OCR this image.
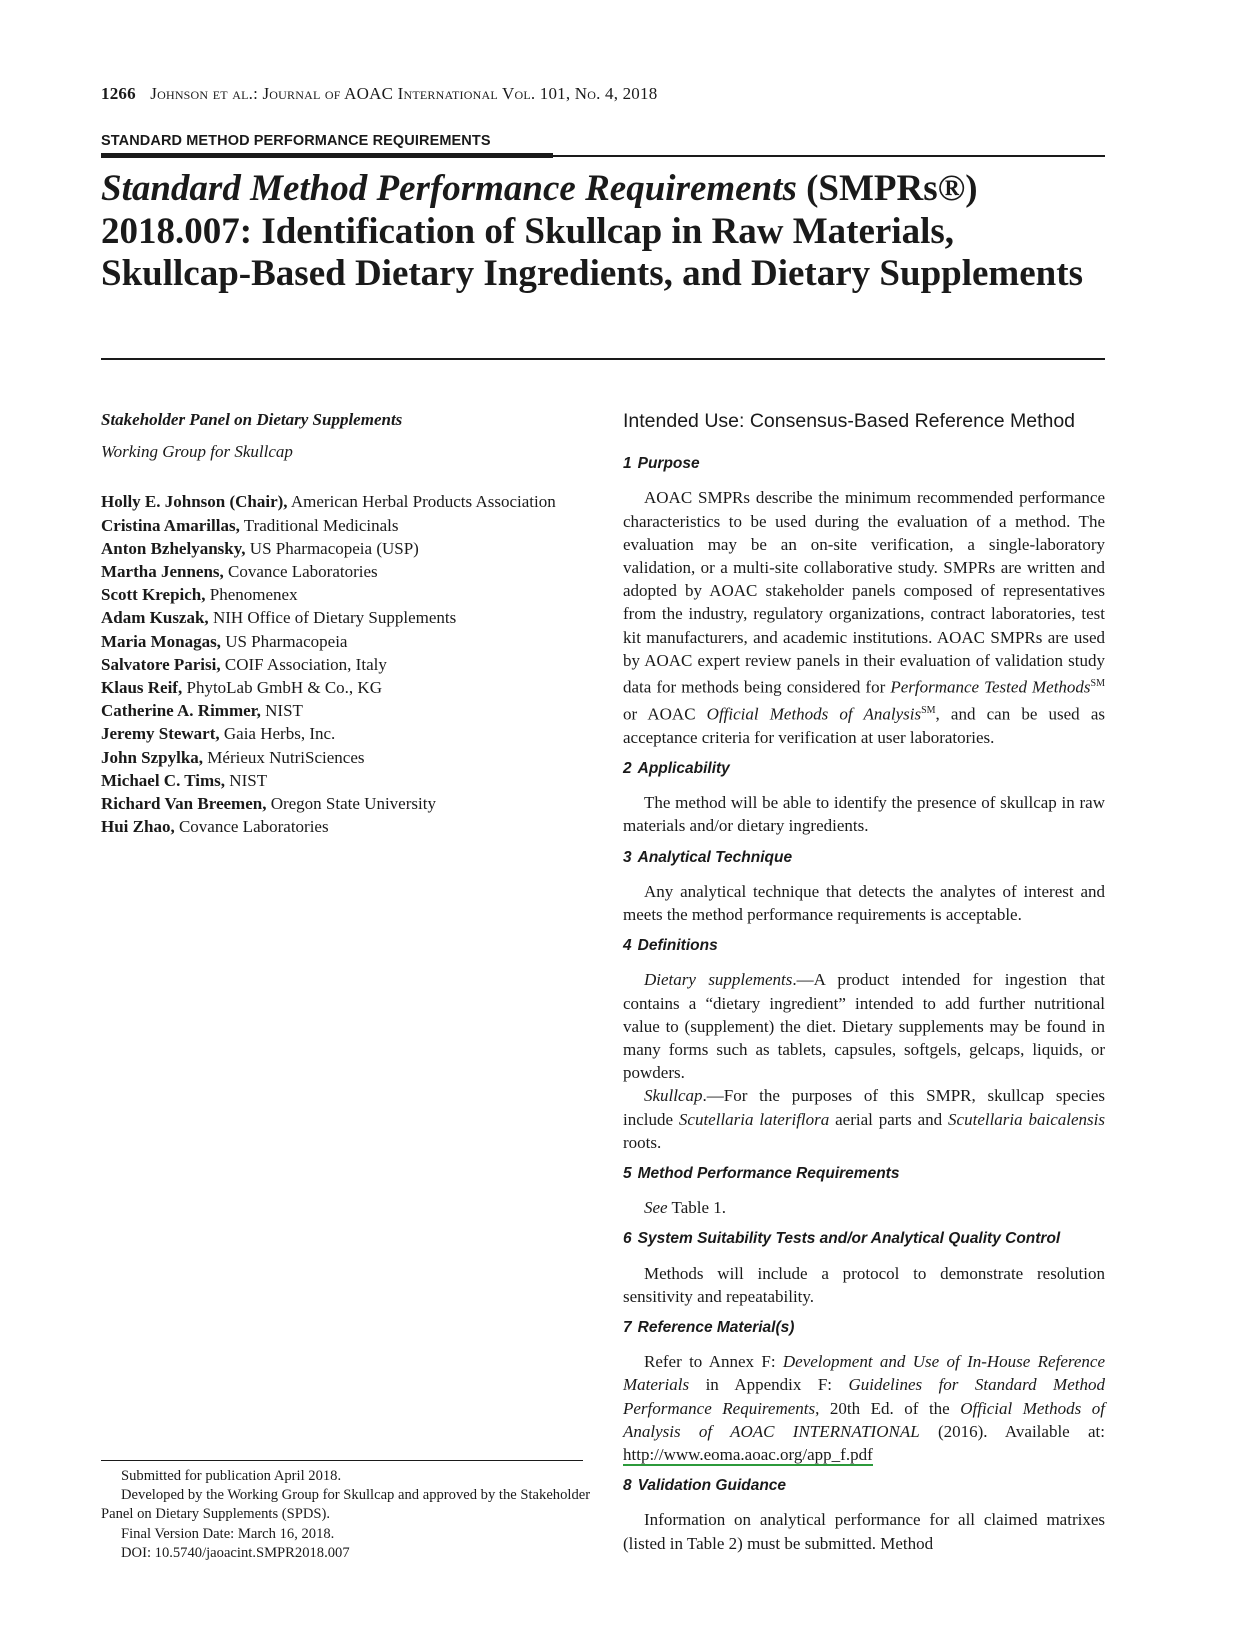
1266 Johnson et al.: Journal of AOAC International Vol. 101, No. 4, 2018
STANDARD METHOD PERFORMANCE REQUIREMENTS
Standard Method Performance Requirements (SMPRs®) 2018.007: Identification of Skullcap in Raw Materials, Skullcap-Based Dietary Ingredients, and Dietary Supplements

Stakeholder Panel on Dietary Supplements

Working Group for Skullcap

Holly E. Johnson (Chair), American Herbal Products Association
Cristina Amarillas, Traditional Medicinals
Anton Bzhelyansky, US Pharmacopeia (USP)
Martha Jennens, Covance Laboratories
Scott Krepich, Phenomenex
Adam Kuszak, NIH Office of Dietary Supplements
Maria Monagas, US Pharmacopeia
Salvatore Parisi, COIF Association, Italy
Klaus Reif, PhytoLab GmbH & Co., KG
Catherine A. Rimmer, NIST
Jeremy Stewart, Gaia Herbs, Inc.
John Szpylka, Mérieux NutriSciences
Michael C. Tims, NIST
Richard Van Breemen, Oregon State University
Hui Zhao, Covance Laboratories

Submitted for publication April 2018.

Developed by the Working Group for Skullcap and approved by the Stakeholder Panel on Dietary Supplements (SPDS).

Final Version Date: March 16, 2018.

DOI: 10.5740/jaoacint.SMPR2018.007

Intended Use: Consensus-Based Reference Method

1 Purpose

AOAC SMPRs describe the minimum recommended performance characteristics to be used during the evaluation of a method. The evaluation may be an on-site verification, a single-laboratory validation, or a multi-site collaborative study. SMPRs are written and adopted by AOAC stakeholder panels composed of representatives from the industry, regulatory organizations, contract laboratories, test kit manufacturers, and academic institutions. AOAC SMPRs are used by AOAC expert review panels in their evaluation of validation study data for methods being considered for Performance Tested Methods℠ or AOAC Official Methods of Analysis℠, and can be used as acceptance criteria for verification at user laboratories.

2 Applicability

The method will be able to identify the presence of skullcap in raw materials and/or dietary ingredients.

3 Analytical Technique

Any analytical technique that detects the analytes of interest and meets the method performance requirements is acceptable.

4 Definitions

Dietary supplements.—A product intended for ingestion that contains a “dietary ingredient” intended to add further nutritional value to (supplement) the diet. Dietary supplements may be found in many forms such as tablets, capsules, softgels, gelcaps, liquids, or powders.

Skullcap.—For the purposes of this SMPR, skullcap species include Scutellaria lateriflora aerial parts and Scutellaria baicalensis roots.

5 Method Performance Requirements

See Table 1.

6 System Suitability Tests and/or Analytical Quality Control

Methods will include a protocol to demonstrate resolution sensitivity and repeatability.

7 Reference Material(s)

Refer to Annex F: Development and Use of In-House Reference Materials in Appendix F: Guidelines for Standard Method Performance Requirements, 20th Ed. of the Official Methods of Analysis of AOAC INTERNATIONAL (2016). Available at: http://www.eoma.aoac.org/app_f.pdf

8 Validation Guidance

Information on analytical performance for all claimed matrixes (listed in Table 2) must be submitted. Method
